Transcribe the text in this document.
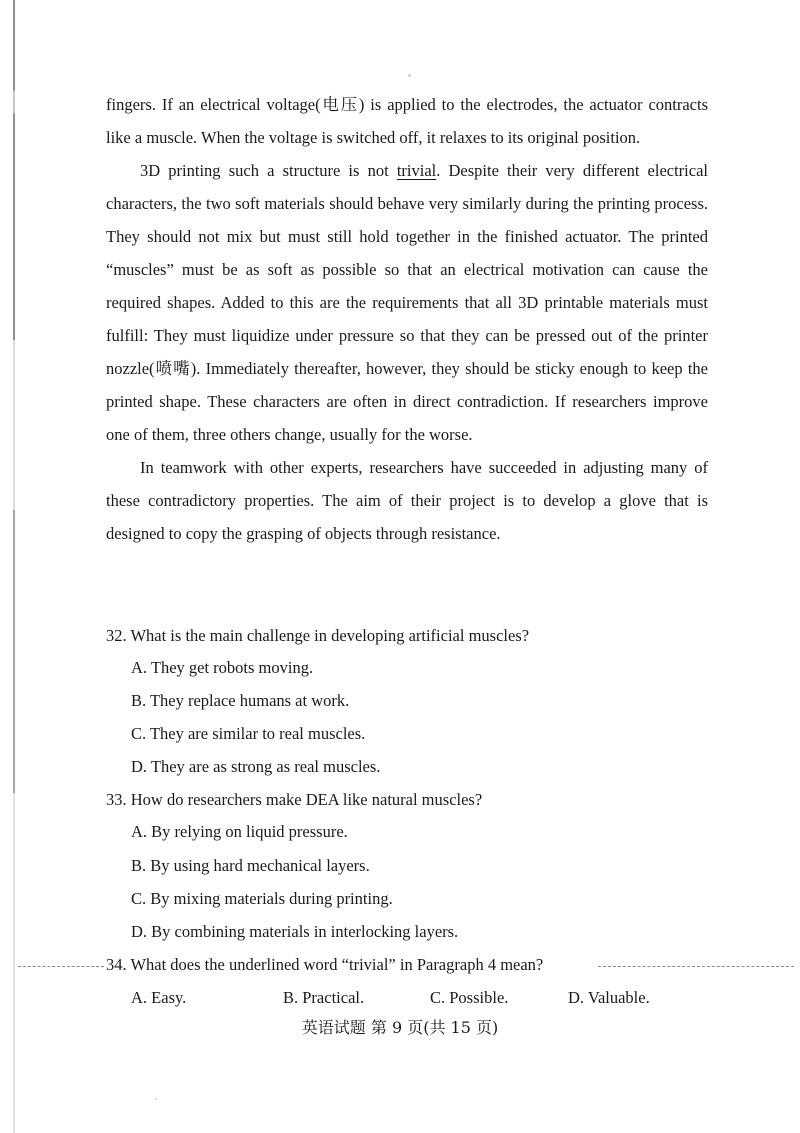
fingers. If an electrical voltage(电压) is applied to the electrodes, the actuator contracts like a muscle. When the voltage is switched off, it relaxes to its original position.

3D printing such a structure is not trivial. Despite their very different electrical characters, the two soft materials should behave very similarly during the printing process. They should not mix but must still hold together in the finished actuator. The printed “muscles” must be as soft as possible so that an electrical motivation can cause the required shapes. Added to this are the requirements that all 3D printable materials must fulfill: They must liquidize under pressure so that they can be pressed out of the printer nozzle(喷嘴). Immediately thereafter, however, they should be sticky enough to keep the printed shape. These characters are often in direct contradiction. If researchers improve one of them, three others change, usually for the worse.

In teamwork with other experts, researchers have succeeded in adjusting many of these contradictory properties. The aim of their project is to develop a glove that is designed to copy the grasping of objects through resistance.

32. What is the main challenge in developing artificial muscles?
A. They get robots moving.
B. They replace humans at work.
C. They are similar to real muscles.
D. They are as strong as real muscles.
33. How do researchers make DEA like natural muscles?
A. By relying on liquid pressure.
B. By using hard mechanical layers.
C. By mixing materials during printing.
D. By combining materials in interlocking layers.
34. What does the underlined word “trivial” in Paragraph 4 mean?
A. Easy.	B. Practical.	C. Possible.	D. Valuable.
英语试题 第 9 页(共 15 页)
